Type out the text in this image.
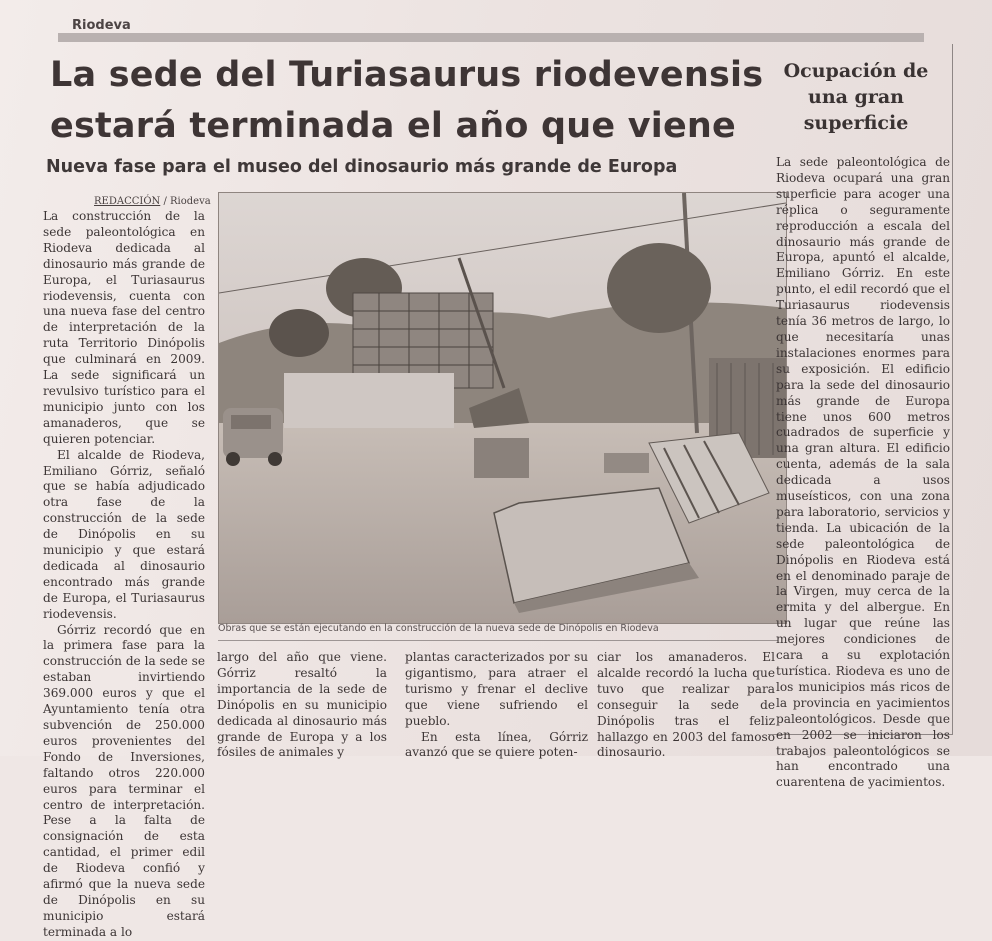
Riodeva
La sede del Turiasaurus riodevensis estará terminada el año que viene
Nueva fase para el museo del dinosaurio más grande de Europa
REDACCIÓN / Riodeva

La construcción de la sede paleontológica en Riodeva dedicada al dinosaurio más grande de Europa, el Turiasaurus riodevensis, cuenta con una nueva fase del centro de interpretación de la ruta Territorio Dinópolis que culminará en 2009. La sede significará un revulsivo turístico para el municipio junto con los amanaderos, que se quieren potenciar.

El alcalde de Riodeva, Emiliano Górriz, señaló que se había adjudicado otra fase de la construcción de la sede de Dinópolis en su municipio y que estará dedicada al dinosaurio encontrado más grande de Europa, el Turiasaurus riodevensis.

Górriz recordó que en la primera fase para la construcción de la sede se estaban invirtiendo 369.000 euros y que el Ayuntamiento tenía otra subvención de 250.000 euros provenientes del Fondo de Inversiones, faltando otros 220.000 euros para terminar el centro de interpretación. Pese a la falta de consignación de esta cantidad, el primer edil de Riodeva confió y afirmó que la nueva sede de Dinópolis en su municipio estará terminada a lo

Obras que se están ejecutando en la construcción de la nueva sede de Dinópolis en Riodeva

largo del año que viene. Górriz resaltó la importancia de la sede de Dinópolis en su municipio dedicada al dinosaurio más grande de Europa y a los fósiles de animales y

plantas caracterizados por su gigantismo, para atraer el turismo y frenar el declive que viene sufriendo el pueblo.

En esta línea, Górriz avanzó que se quiere poten-

ciar los amanaderos. El alcalde recordó la lucha que tuvo que realizar para conseguir la sede de Dinópolis tras el feliz hallazgo en 2003 del famoso dinosaurio.

Ocupación de una gran superficie
La sede paleontológica de Riodeva ocupará una gran superficie para acoger una réplica o seguramente reproducción a escala del dinosaurio más grande de Europa, apuntó el alcalde, Emiliano Górriz. En este punto, el edil recordó que el Turiasaurus riodevensis tenía 36 metros de largo, lo que necesitaría unas instalaciones enormes para su exposición. El edificio para la sede del dinosaurio más grande de Europa tiene unos 600 metros cuadrados de superficie y una gran altura. El edificio cuenta, además de la sala dedicada a usos museísticos, con una zona para laboratorio, servicios y tienda. La ubicación de la sede paleontológica de Dinópolis en Riodeva está en el denominado paraje de la Virgen, muy cerca de la ermita y del albergue. En un lugar que reúne las mejores condiciones de cara a su explotación turística. Riodeva es uno de los municipios más ricos de la provincia en yacimientos paleontológicos. Desde que en 2002 se iniciaron los trabajos paleontológicos se han encontrado una cuarentena de yacimientos.
